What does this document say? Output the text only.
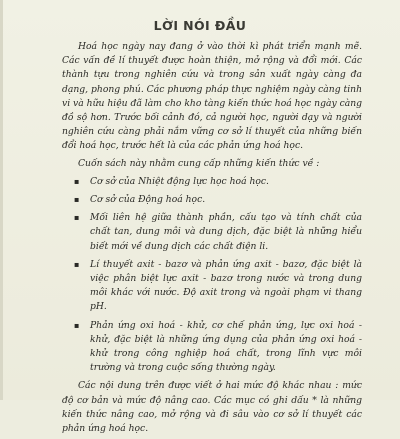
LỜI NÓI ĐẦU

Hoá học ngày nay đang ở vào thời kì phát triển mạnh mẽ. Các vấn đề lí thuyết được hoàn thiện, mở rộng và đổi mới. Các thành tựu trong nghiên cứu và trong sản xuất ngày càng đa dạng, phong phú. Các phương pháp thực nghiệm ngày càng tinh vi và hữu hiệu đã làm cho kho tàng kiến thức hoá học ngày càng đồ sộ hơn. Trước bối cảnh đó, cả người học, người dạy và người nghiên cứu càng phải nắm vững cơ sở lí thuyết của những biến đổi hoá học, trước hết là của các phản ứng hoá học.

Cuốn sách này nhằm cung cấp những kiến thức về :

▪ Cơ sở của Nhiệt động lực học hoá học.
▪ Cơ sở của Động hoá học.
▪ Mối liên hệ giữa thành phần, cấu tạo và tính chất của chất tan, dung môi và dung dịch, đặc biệt là những hiểu biết mới về dung dịch các chất điện li.
▪ Lí thuyết axit - bazơ và phản ứng axit - bazơ, đặc biệt là việc phân biệt lực axit - bazơ trong nước và trong dung môi khác với nước. Độ axit trong và ngoài phạm vi thang pH.
▪ Phản ứng oxi hoá - khử, cơ chế phản ứng, lực oxi hoá - khử, đặc biệt là những ứng dụng của phản ứng oxi hoá - khử trong công nghiệp hoá chất, trong lĩnh vực môi trường và trong cuộc sống thường ngày.

Các nội dung trên được viết ở hai mức độ khác nhau : mức độ cơ bản và mức độ nâng cao. Các mục có ghi dấu * là những kiến thức nâng cao, mở rộng và đi sâu vào cơ sở lí thuyết các phản ứng hoá học.
